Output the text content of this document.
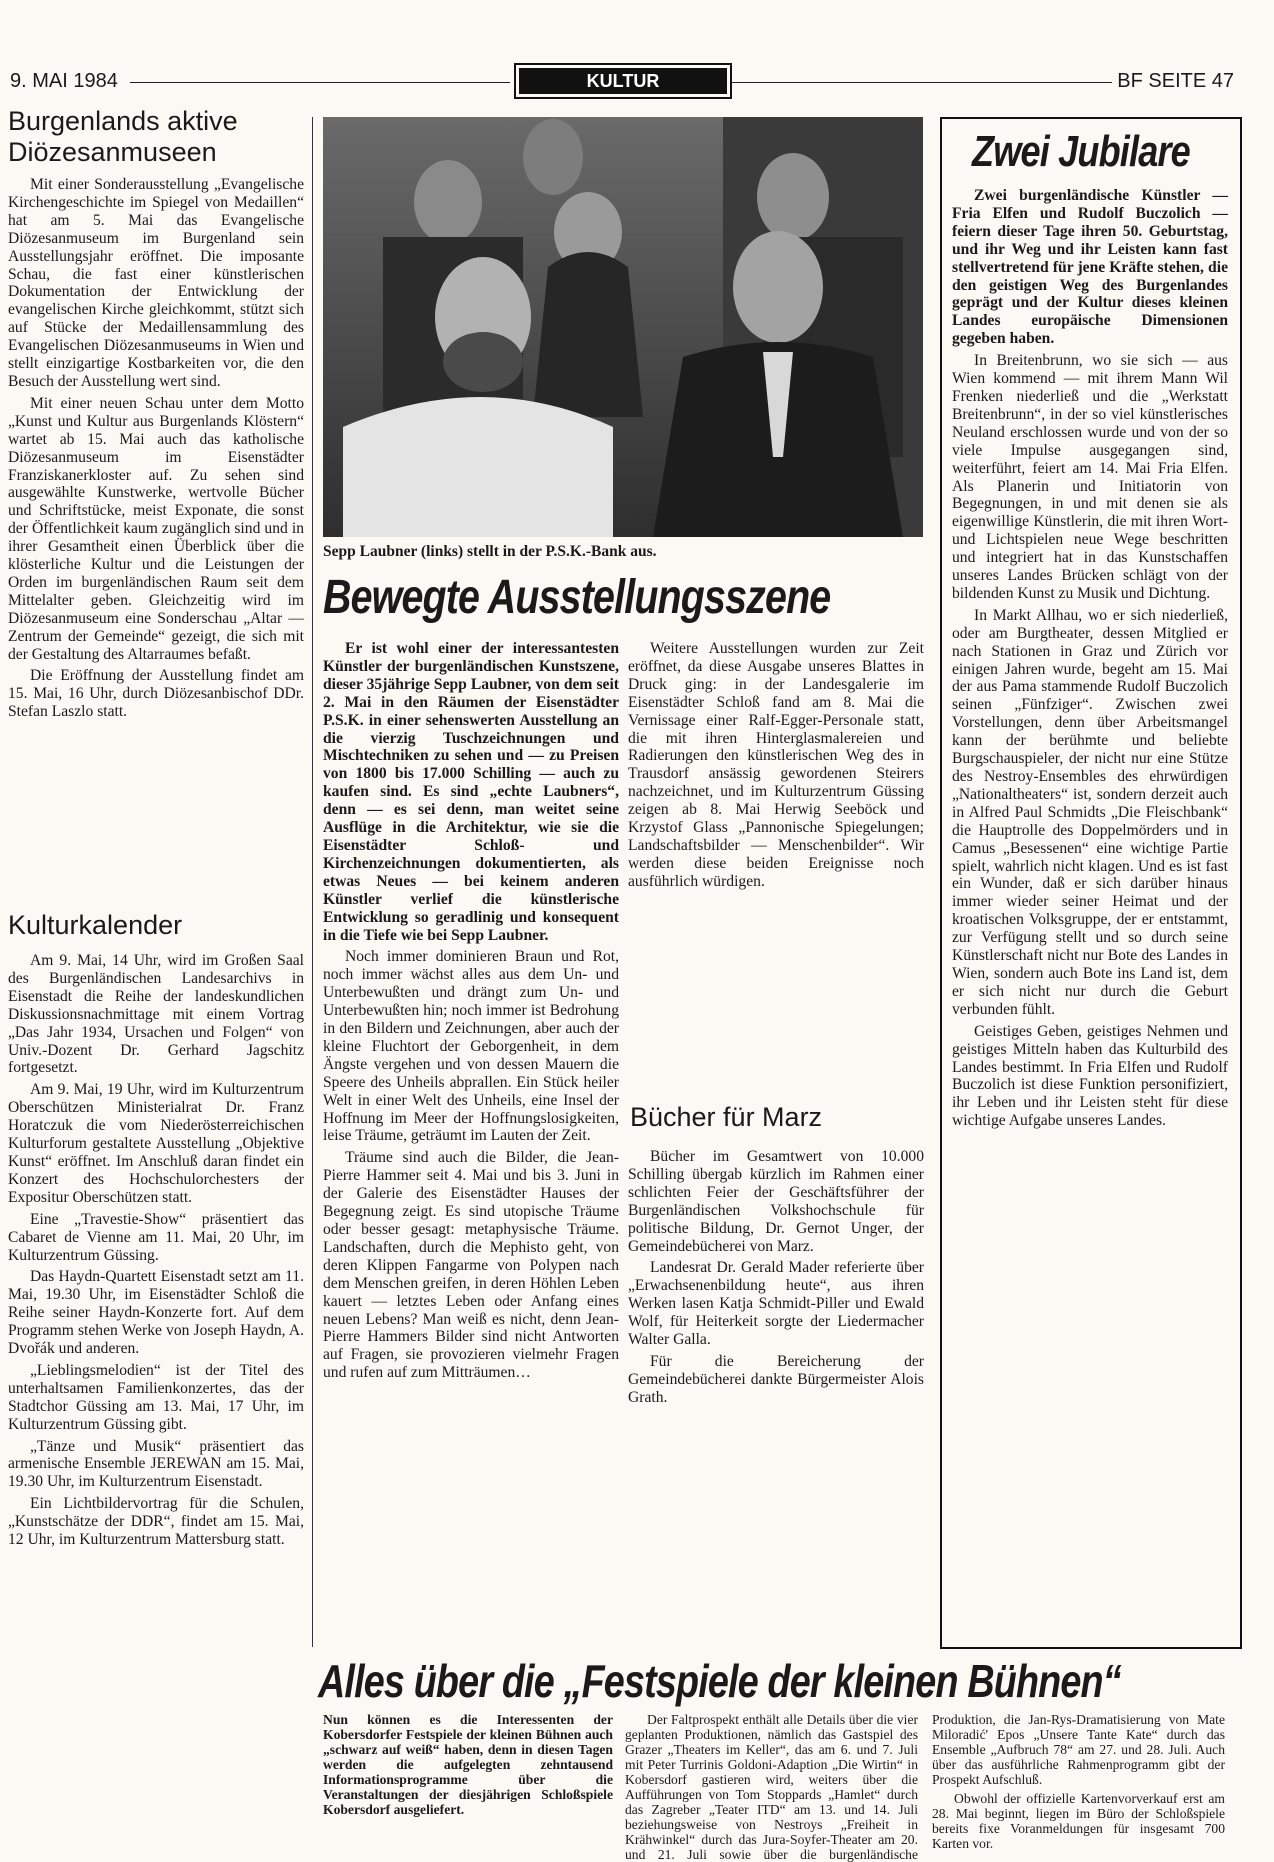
9. MAI 1984	KULTUR	BF SEITE 47
Burgenlands aktive Diözesanmuseen

Mit einer Sonderausstellung „Evangelische Kirchengeschichte im Spiegel von Medaillen“ hat am 5. Mai das Evangelische Diözesanmuseum im Burgenland sein Ausstellungsjahr eröffnet. Die imposante Schau, die fast einer künstlerischen Dokumentation der Entwicklung der evangelischen Kirche gleichkommt, stützt sich auf Stücke der Medaillensammlung des Evangelischen Diözesanmuseums in Wien und stellt einzigartige Kostbarkeiten vor, die den Besuch der Ausstellung wert sind.

Mit einer neuen Schau unter dem Motto „Kunst und Kultur aus Burgenlands Klöstern“ wartet ab 15. Mai auch das katholische Diözesanmuseum im Eisenstädter Franziskanerkloster auf. Zu sehen sind ausgewählte Kunstwerke, wertvolle Bücher und Schriftstücke, meist Exponate, die sonst der Öffentlichkeit kaum zugänglich sind und in ihrer Gesamtheit einen Überblick über die klösterliche Kultur und die Leistungen der Orden im burgenländischen Raum seit dem Mittelalter geben. Gleichzeitig wird im Diözesanmuseum eine Sonderschau „Altar — Zentrum der Gemeinde“ gezeigt, die sich mit der Gestaltung des Altarraumes befaßt.

Die Eröffnung der Ausstellung findet am 15. Mai, 16 Uhr, durch Diözesanbischof DDr. Stefan Laszlo statt.

Kulturkalender

Am 9. Mai, 14 Uhr, wird im Großen Saal des Burgenländischen Landesarchivs in Eisenstadt die Reihe der landeskundlichen Diskussionsnachmittage mit einem Vortrag „Das Jahr 1934, Ursachen und Folgen“ von Univ.-Dozent Dr. Gerhard Jagschitz fortgesetzt.

Am 9. Mai, 19 Uhr, wird im Kulturzentrum Oberschützen Ministerialrat Dr. Franz Horatczuk die vom Niederösterreichischen Kulturforum gestaltete Ausstellung „Objektive Kunst“ eröffnet. Im Anschluß daran findet ein Konzert des Hochschulorchesters der Expositur Oberschützen statt.

Eine „Travestie-Show“ präsentiert das Cabaret de Vienne am 11. Mai, 20 Uhr, im Kulturzentrum Güssing.

Das Haydn-Quartett Eisenstadt setzt am 11. Mai, 19.30 Uhr, im Eisenstädter Schloß die Reihe seiner Haydn-Konzerte fort. Auf dem Programm stehen Werke von Joseph Haydn, A. Dvořák und anderen.

„Lieblingsmelodien“ ist der Titel des unterhaltsamen Familienkonzertes, das der Stadtchor Güssing am 13. Mai, 17 Uhr, im Kulturzentrum Güssing gibt.

„Tänze und Musik“ präsentiert das armenische Ensemble JEREWAN am 15. Mai, 19.30 Uhr, im Kulturzentrum Eisenstadt.

Ein Lichtbildervortrag für die Schulen, „Kunstschätze der DDR“, findet am 15. Mai, 12 Uhr, im Kulturzentrum Mattersburg statt.

Sepp Laubner (links) stellt in der P.S.K.-Bank aus.
Bewegte Ausstellungsszene

Er ist wohl einer der interessantesten Künstler der burgenländischen Kunstszene, dieser 35jährige Sepp Laubner, von dem seit 2. Mai in den Räumen der Eisenstädter P.S.K. in einer sehenswerten Ausstellung an die vierzig Tuschzeichnungen und Mischtechniken zu sehen und — zu Preisen von 1800 bis 17.000 Schilling — auch zu kaufen sind. Es sind „echte Laubners“, denn — es sei denn, man weitet seine Ausflüge in die Architektur, wie sie die Eisenstädter Schloß- und Kirchenzeichnungen dokumentierten, als etwas Neues — bei keinem anderen Künstler verlief die künstlerische Entwicklung so geradlinig und konsequent in die Tiefe wie bei Sepp Laubner.

Noch immer dominieren Braun und Rot, noch immer wächst alles aus dem Un- und Unterbewußten und drängt zum Un- und Unterbewußten hin; noch immer ist Bedrohung in den Bildern und Zeichnungen, aber auch der kleine Fluchtort der Geborgenheit, in dem Ängste vergehen und von dessen Mauern die Speere des Unheils abprallen. Ein Stück heiler Welt in einer Welt des Unheils, eine Insel der Hoffnung im Meer der Hoffnungslosigkeiten, leise Träume, geträumt im Lauten der Zeit.

Träume sind auch die Bilder, die Jean-Pierre Hammer seit 4. Mai und bis 3. Juni in der Galerie des Eisenstädter Hauses der Begegnung zeigt. Es sind utopische Träume oder besser gesagt: metaphysische Träume. Landschaften, durch die Mephisto geht, von deren Klippen Fangarme von Polypen nach dem Menschen greifen, in deren Höhlen Leben kauert — letztes Leben oder Anfang eines neuen Lebens? Man weiß es nicht, denn Jean-Pierre Hammers Bilder sind nicht Antworten auf Fragen, sie provozieren vielmehr Fragen und rufen auf zum Mitträumen…

Weitere Ausstellungen wurden zur Zeit eröffnet, da diese Ausgabe unseres Blattes in Druck ging: in der Landesgalerie im Eisenstädter Schloß fand am 8. Mai die Vernissage einer Ralf-Egger-Personale statt, die mit ihren Hinterglasmalereien und Radierungen den künstlerischen Weg des in Trausdorf ansässig gewordenen Steirers nachzeichnet, und im Kulturzentrum Güssing zeigen ab 8. Mai Herwig Seeböck und Krzystof Glass „Pannonische Spiegelungen; Landschaftsbilder — Menschenbilder“. Wir werden diese beiden Ereignisse noch ausführlich würdigen.

Bücher für Marz

Bücher im Gesamtwert von 10.000 Schilling übergab kürzlich im Rahmen einer schlichten Feier der Geschäftsführer der Burgenländischen Volkshochschule für politische Bildung, Dr. Gernot Unger, der Gemeindebücherei von Marz.

Landesrat Dr. Gerald Mader referierte über „Erwachsenenbildung heute“, aus ihren Werken lasen Katja Schmidt-Piller und Ewald Wolf, für Heiterkeit sorgte der Liedermacher Walter Galla.

Für die Bereicherung der Gemeindebücherei dankte Bürgermeister Alois Grath.

Zwei Jubilare

Zwei burgenländische Künstler — Fria Elfen und Rudolf Buczolich — feiern dieser Tage ihren 50. Geburtstag, und ihr Weg und ihr Leisten kann fast stellvertretend für jene Kräfte stehen, die den geistigen Weg des Burgenlandes geprägt und der Kultur dieses kleinen Landes europäische Dimensionen gegeben haben.

In Breitenbrunn, wo sie sich — aus Wien kommend — mit ihrem Mann Wil Frenken niederließ und die „Werkstatt Breitenbrunn“, in der so viel künstlerisches Neuland erschlossen wurde und von der so viele Impulse ausgegangen sind, weiterführt, feiert am 14. Mai Fria Elfen. Als Planerin und Initiatorin von Begegnungen, in und mit denen sie als eigenwillige Künstlerin, die mit ihren Wort- und Lichtspielen neue Wege beschritten und integriert hat in das Kunstschaffen unseres Landes Brücken schlägt von der bildenden Kunst zu Musik und Dichtung.

In Markt Allhau, wo er sich niederließ, oder am Burgtheater, dessen Mitglied er nach Stationen in Graz und Zürich vor einigen Jahren wurde, begeht am 15. Mai der aus Pama stammende Rudolf Buczolich seinen „Fünfziger“. Zwischen zwei Vorstellungen, denn über Arbeitsmangel kann der berühmte und beliebte Burgschauspieler, der nicht nur eine Stütze des Nestroy-Ensembles des ehrwürdigen „Nationaltheaters“ ist, sondern derzeit auch in Alfred Paul Schmidts „Die Fleischbank“ die Hauptrolle des Doppelmörders und in Camus „Besessenen“ eine wichtige Partie spielt, wahrlich nicht klagen. Und es ist fast ein Wunder, daß er sich darüber hinaus immer wieder seiner Heimat und der kroatischen Volksgruppe, der er entstammt, zur Verfügung stellt und so durch seine Künstlerschaft nicht nur Bote des Landes in Wien, sondern auch Bote ins Land ist, dem er sich nicht nur durch die Geburt verbunden fühlt.

Geistiges Geben, geistiges Nehmen und geistiges Mitteln haben das Kulturbild des Landes bestimmt. In Fria Elfen und Rudolf Buczolich ist diese Funktion personifiziert, ihr Leben und ihr Leisten steht für diese wichtige Aufgabe unseres Landes.

Alles über die „Festspiele der kleinen Bühnen“

Nun können es die Interessenten der Kobersdorfer Festspiele der kleinen Bühnen auch „schwarz auf weiß“ haben, denn in diesen Tagen werden die aufgelegten zehntausend Informationsprogramme über die Veranstaltungen der diesjährigen Schloßspiele Kobersdorf ausgeliefert.

Der Faltprospekt enthält alle Details über die vier geplanten Produktionen, nämlich das Gastspiel des Grazer „Theaters im Keller“, das am 6. und 7. Juli mit Peter Turrinis Goldoni-Adaption „Die Wirtin“ in Kobersdorf gastieren wird, weiters über die Aufführungen von Tom Stoppards „Hamlet“ durch das Zagreber „Teater ITD“ am 13. und 14. Juli beziehungsweise von Nestroys „Freiheit in Krähwinkel“ durch das Jura-Soyfer-Theater am 20. und 21. Juli sowie über die burgenländische Produktion, die Jan-Rys-Dramatisierung von Mate Miloradić' Epos „Unsere Tante Kate“ durch das Ensemble „Aufbruch 78“ am 27. und 28. Juli. Auch über das ausführliche Rahmenprogramm gibt der Prospekt Aufschluß.

Obwohl der offizielle Kartenvorverkauf erst am 28. Mai beginnt, liegen im Büro der Schloßspiele bereits fixe Voranmeldungen für insgesamt 700 Karten vor.
